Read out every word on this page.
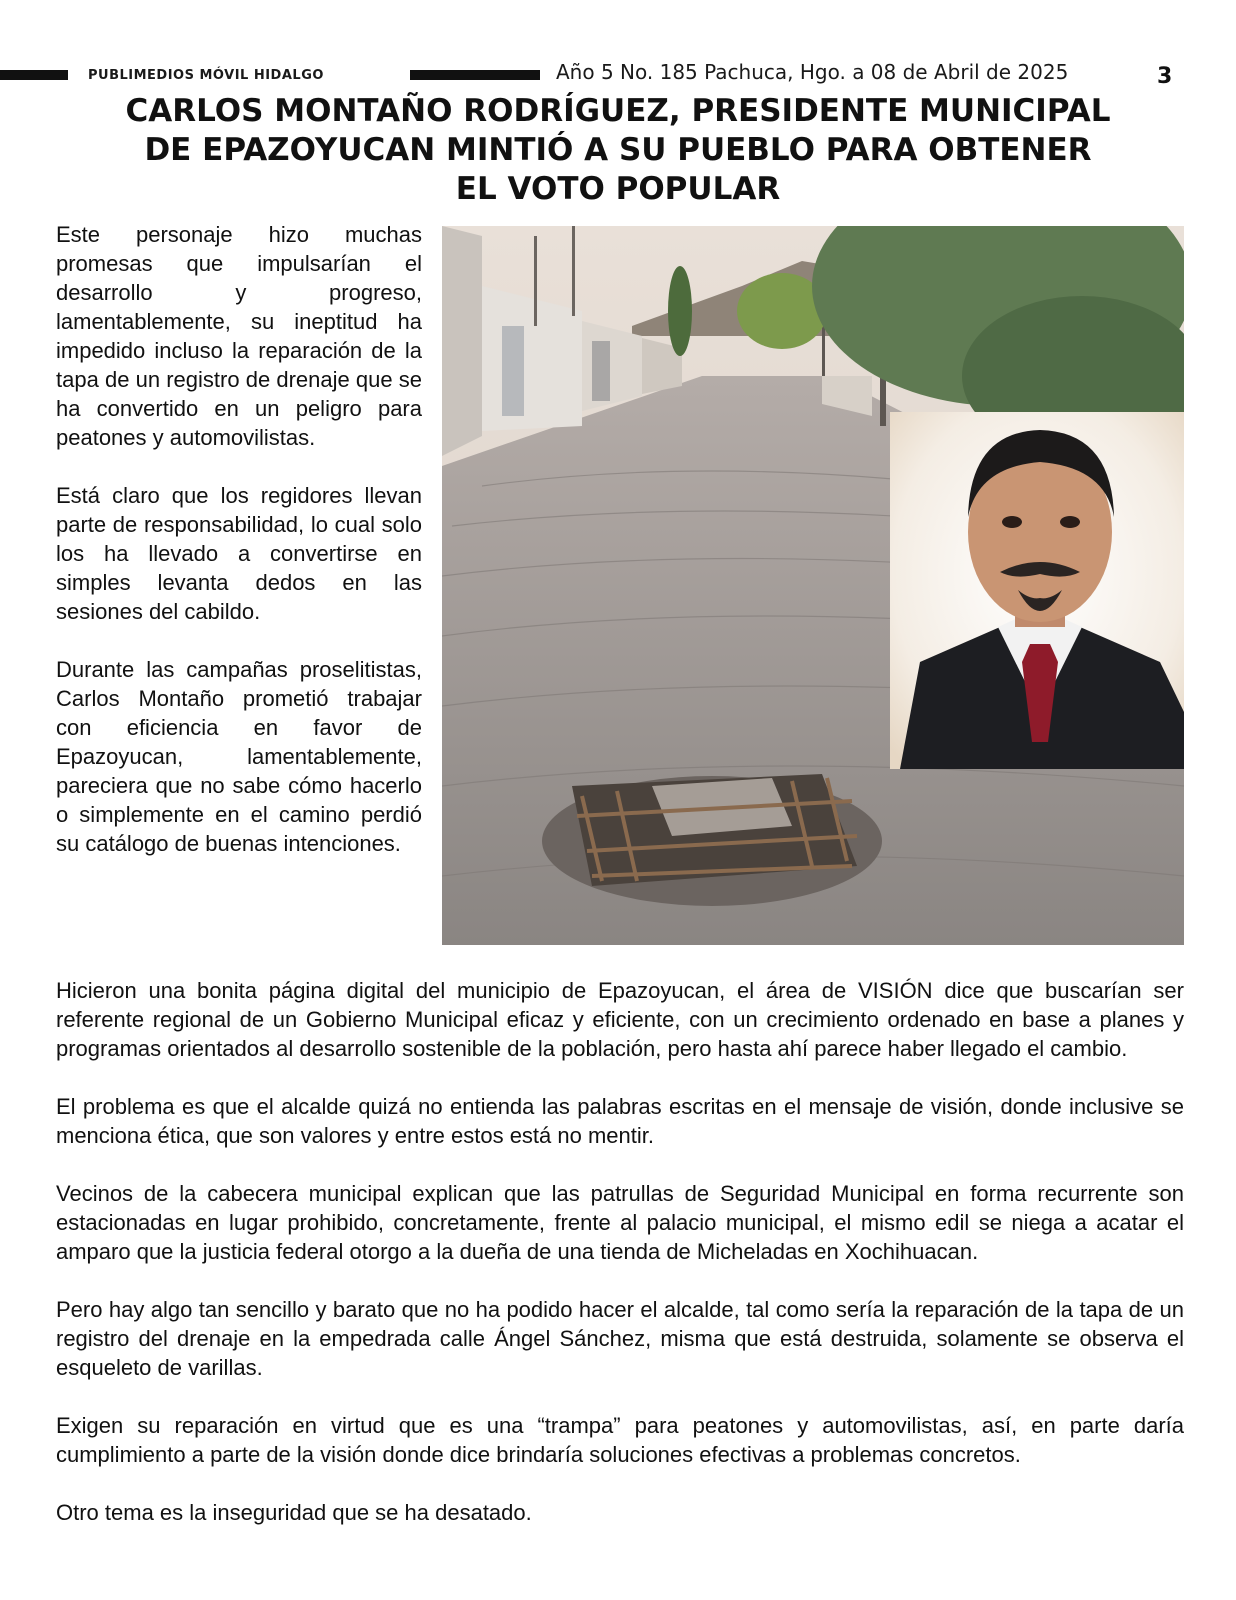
PUBLIMEDIOS MÓVIL HIDALGO	Año 5 No. 185 Pachuca, Hgo. a 08 de Abril de 2025	3
CARLOS MONTAÑO RODRÍGUEZ, PRESIDENTE MUNICIPAL
DE EPAZOYUCAN MINTIÓ A SU PUEBLO PARA OBTENER
EL VOTO POPULAR

Este personaje hizo muchas promesas que impulsarían el desarrollo y progreso, lamentablemente, su ineptitud ha impedido incluso la reparación de la tapa de un registro de drenaje que se ha convertido en un peligro para peatones y automovilistas.

Está claro que los regidores llevan parte de responsabilidad, lo cual solo los ha llevado a convertirse en simples levanta dedos en las sesiones del cabildo.

Durante las campañas proselitistas, Carlos Montaño prometió trabajar con eficiencia en favor de Epazoyucan, lamentablemente, pareciera que no sabe cómo hacerlo o simplemente en el camino perdió su catálogo de buenas intenciones.

Hicieron una bonita página digital del municipio de Epazoyucan, el área de VISIÓN dice que buscarían ser referente regional de un Gobierno Municipal eficaz y eficiente, con un crecimiento ordenado en base a planes y programas orientados al desarrollo sostenible de la población, pero hasta ahí parece haber llegado el cambio.

El problema es que el alcalde quizá no entienda las palabras escritas en el mensaje de visión, donde inclusive se menciona ética, que son valores y entre estos está no mentir.

Vecinos de la cabecera municipal explican que las patrullas de Seguridad Municipal en forma recurrente son estacionadas en lugar prohibido, concretamente, frente al palacio municipal, el mismo edil se niega a acatar el amparo que la justicia federal otorgo a la dueña de una tienda de Micheladas en Xochihuacan.

Pero hay algo tan sencillo y barato que no ha podido hacer el alcalde, tal como sería la reparación de la tapa de un registro del drenaje en la empedrada calle Ángel Sánchez, misma que está destruida, solamente se observa el esqueleto de varillas.

Exigen su reparación en virtud que es una “trampa” para peatones y automovilistas, así, en parte daría cumplimiento a parte de la visión donde dice brindaría soluciones efectivas a problemas concretos.

Otro tema es la inseguridad que se ha desatado.
